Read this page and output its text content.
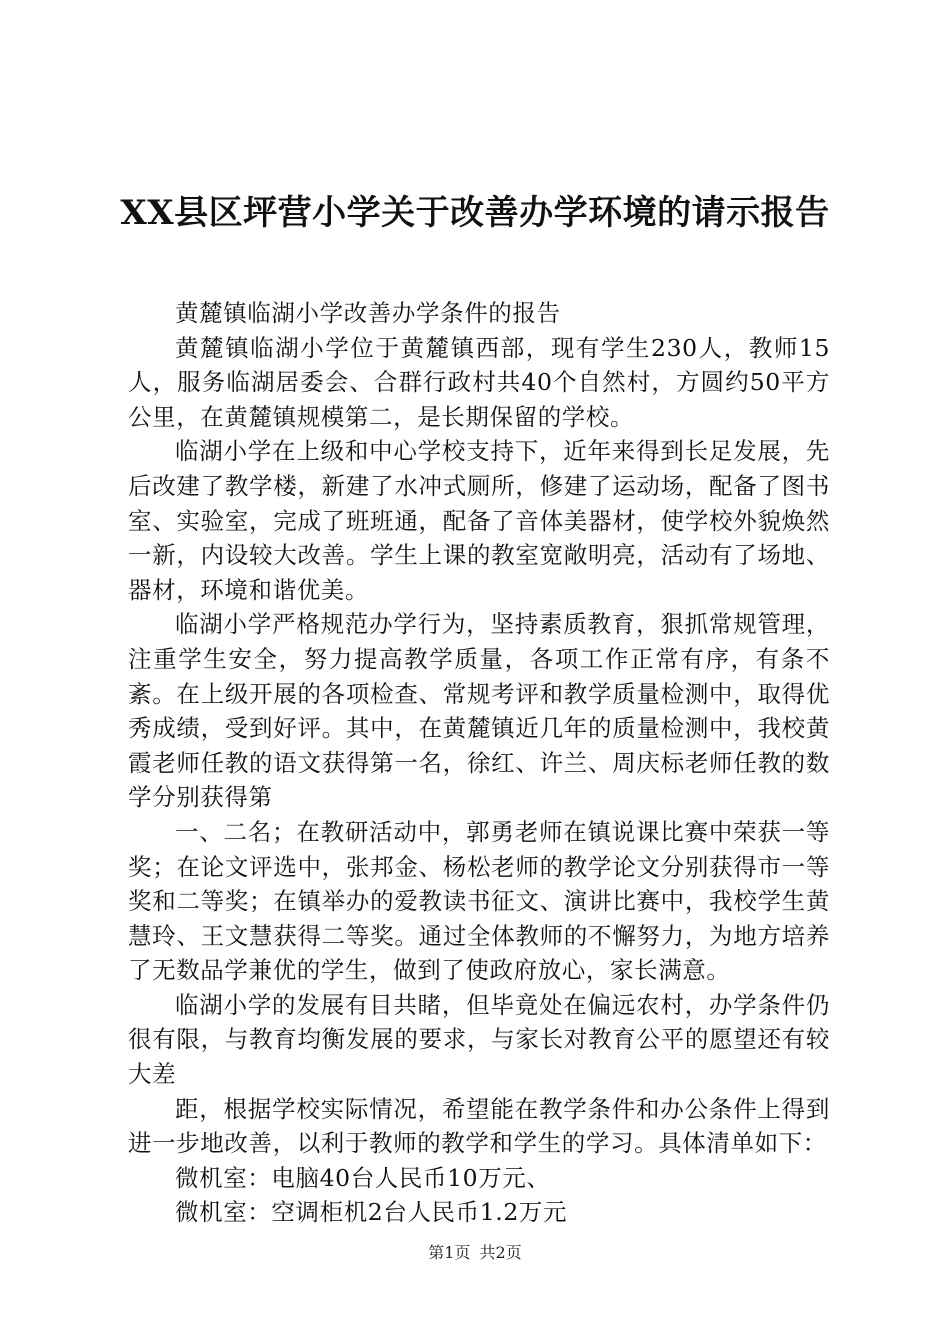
XX县区坪营小学关于改善办学环境的请示报告

黄麓镇临湖小学改善办学条件的报告

黄麓镇临湖小学位于黄麓镇西部，现有学生230人，教师15人，服务临湖居委会、合群行政村共40个自然村，方圆约50平方公里，在黄麓镇规模第二，是长期保留的学校。

临湖小学在上级和中心学校支持下，近年来得到长足发展，先后改建了教学楼，新建了水冲式厕所，修建了运动场，配备了图书室、实验室，完成了班班通，配备了音体美器材，使学校外貌焕然一新，内设较大改善。学生上课的教室宽敞明亮，活动有了场地、器材，环境和谐优美。

临湖小学严格规范办学行为，坚持素质教育，狠抓常规管理，注重学生安全，努力提高教学质量，各项工作正常有序，有条不紊。在上级开展的各项检查、常规考评和教学质量检测中，取得优秀成绩，受到好评。其中，在黄麓镇近几年的质量检测中，我校黄霞老师任教的语文获得第一名，徐红、许兰、周庆标老师任教的数学分别获得第

一、二名；在教研活动中，郭勇老师在镇说课比赛中荣获一等奖；在论文评选中，张邦金、杨松老师的教学论文分别获得市一等奖和二等奖；在镇举办的爱教读书征文、演讲比赛中，我校学生黄慧玲、王文慧获得二等奖。通过全体教师的不懈努力，为地方培养了无数品学兼优的学生，做到了使政府放心，家长满意。

临湖小学的发展有目共睹，但毕竟处在偏远农村，办学条件仍很有限，与教育均衡发展的要求，与家长对教育公平的愿望还有较大差

距，根据学校实际情况，希望能在教学条件和办公条件上得到进一步地改善，以利于教师的教学和学生的学习。具体清单如下：

微机室：电脑40台人民币10万元、

微机室：空调柜机2台人民币1.2万元

第1页 共2页
